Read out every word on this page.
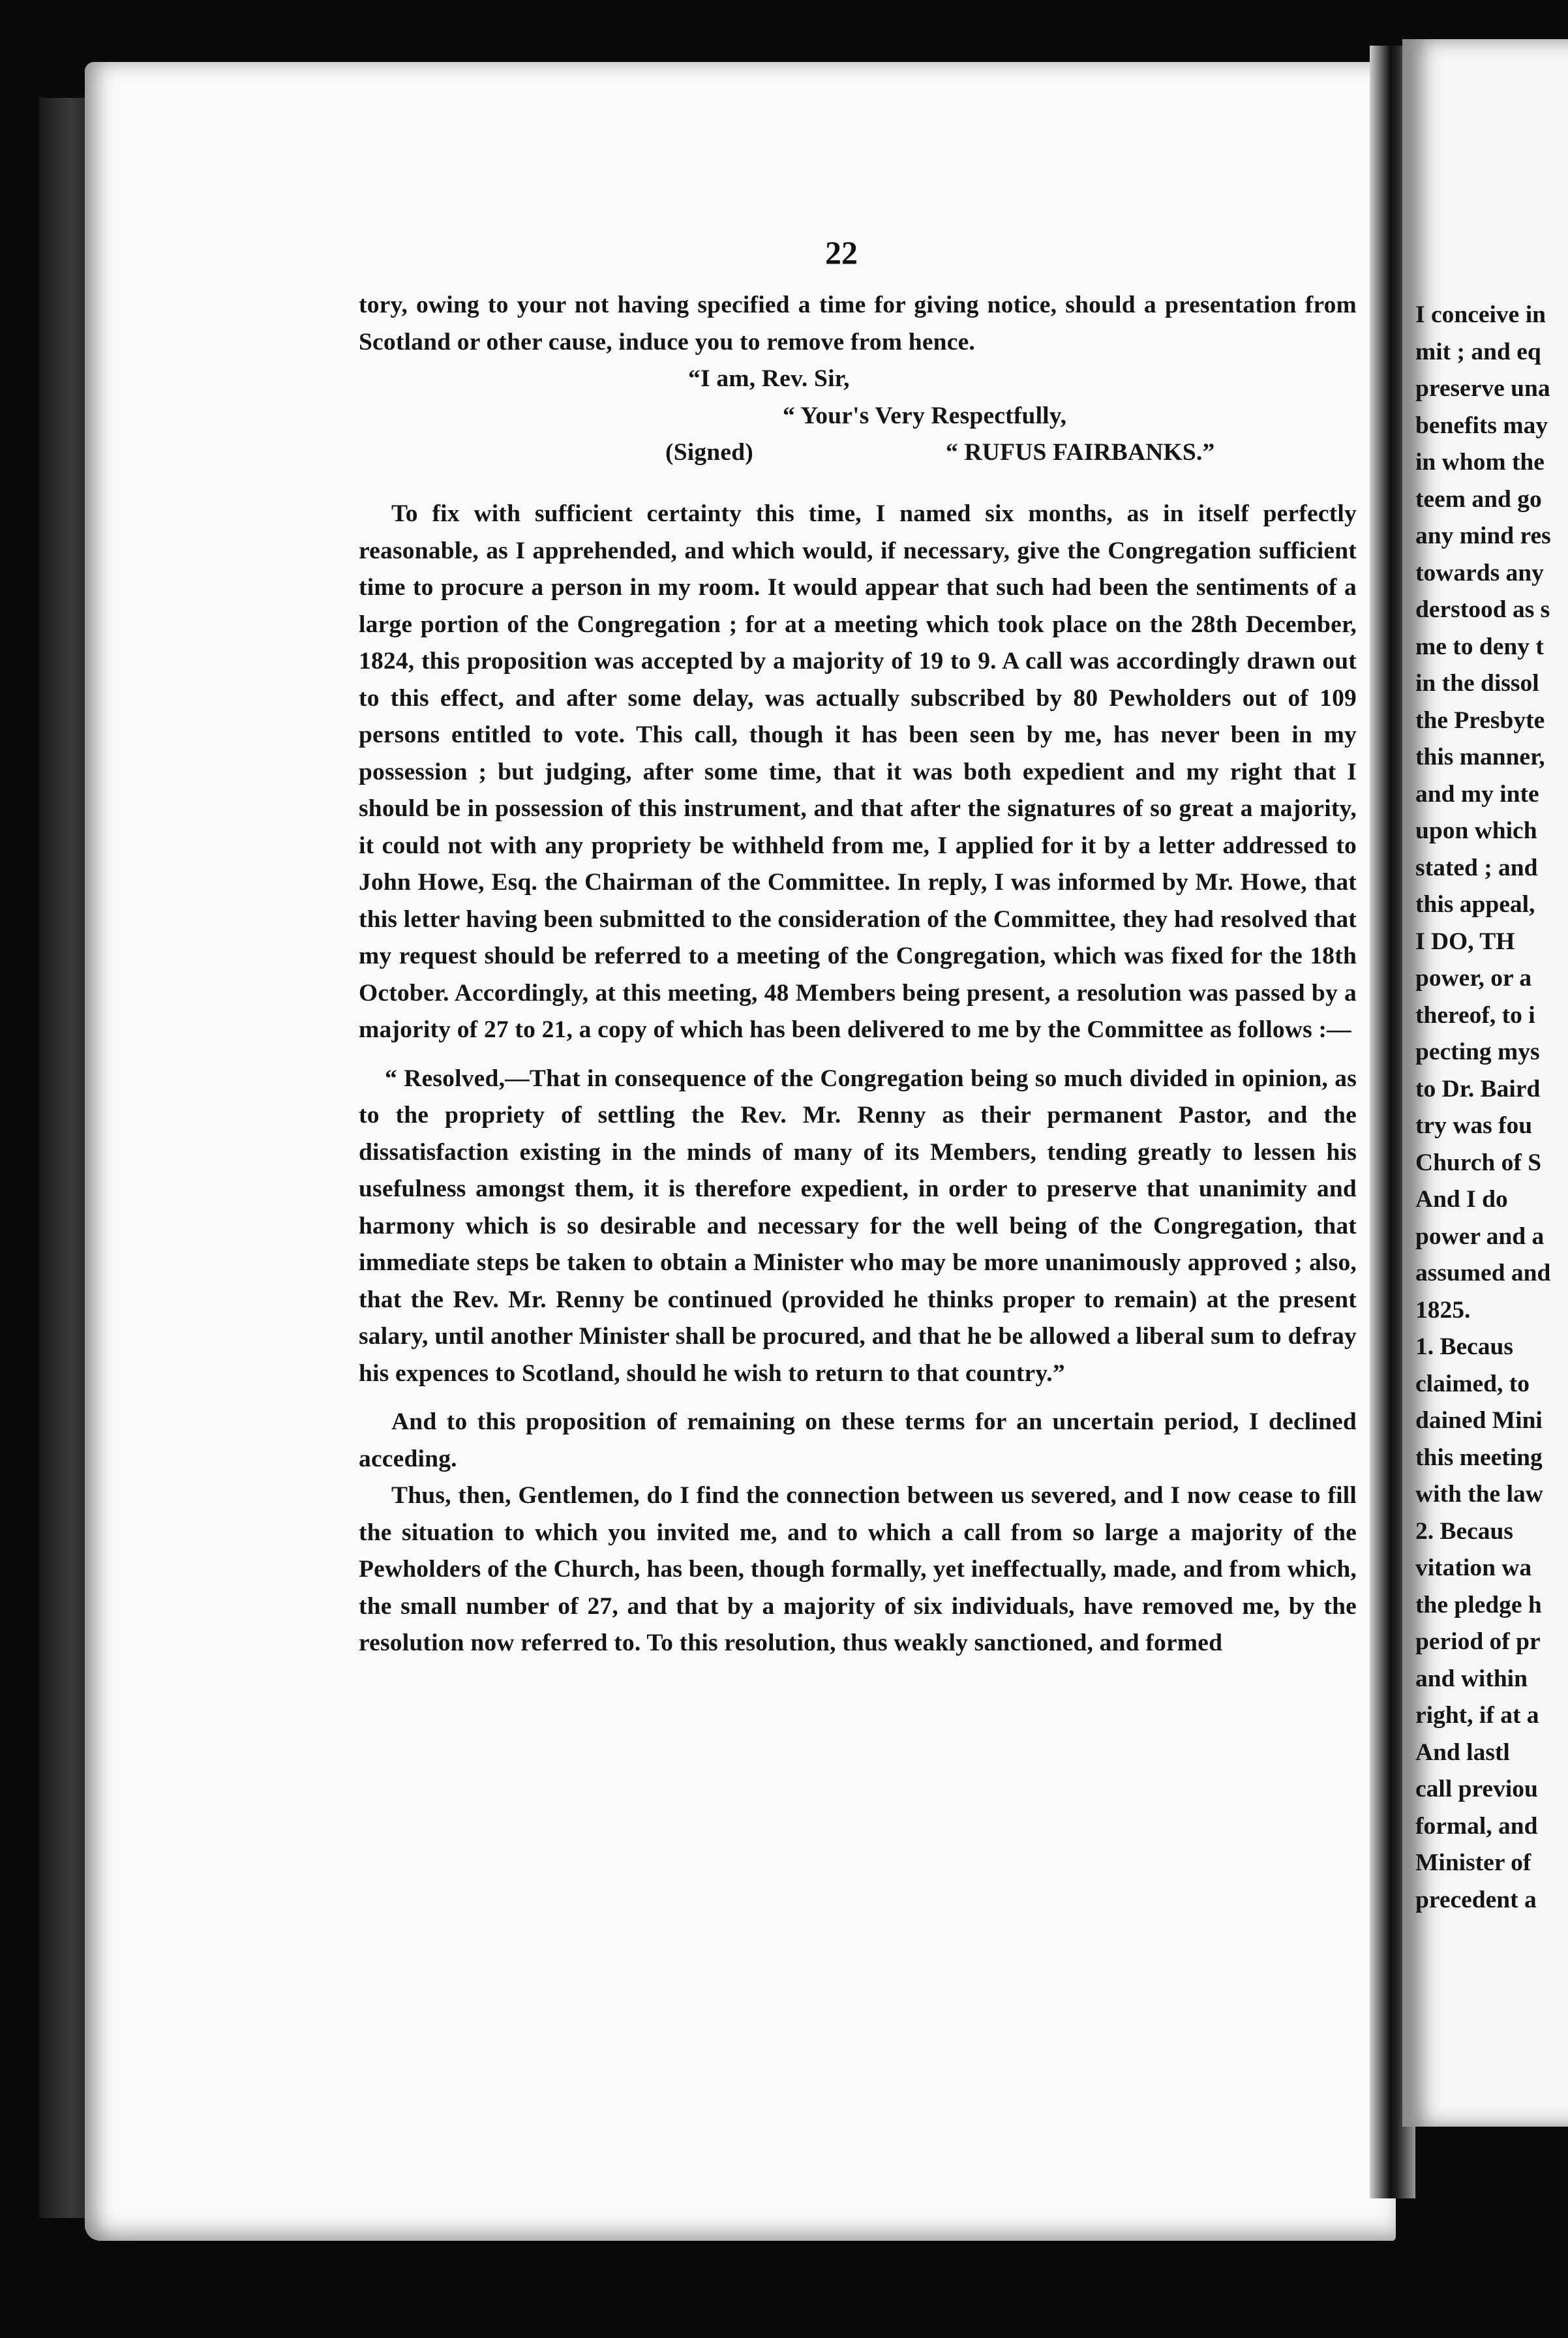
22

tory, owing to your not having specified a time for giving notice, should a presentation from Scotland or other cause, induce you to remove from hence.

“I am, Rev. Sir,

“ Your's Very Respectfully,

(Signed)	“ RUFUS FAIRBANKS.”

To fix with sufficient certainty this time, I named six months, as in itself perfectly reasonable, as I apprehended, and which would, if necessary, give the Congregation sufficient time to procure a person in my room. It would appear that such had been the sentiments of a large portion of the Congregation ; for at a meeting which took place on the 28th December, 1824, this proposition was accepted by a majority of 19 to 9. A call was accordingly drawn out to this effect, and after some delay, was actually subscribed by 80 Pewholders out of 109 persons entitled to vote. This call, though it has been seen by me, has never been in my possession ; but judging, after some time, that it was both expedient and my right that I should be in possession of this instrument, and that after the signatures of so great a majority, it could not with any propriety be withheld from me, I applied for it by a letter addressed to John Howe, Esq. the Chairman of the Committee. In reply, I was informed by Mr. Howe, that this letter having been submitted to the consideration of the Committee, they had resolved that my request should be referred to a meeting of the Congregation, which was fixed for the 18th October. Accordingly, at this meeting, 48 Members being present, a resolution was passed by a majority of 27 to 21, a copy of which has been delivered to me by the Committee as follows :—

“ Resolved,—That in consequence of the Congregation being so much divided in opinion, as to the propriety of settling the Rev. Mr. Renny as their permanent Pastor, and the dissatisfaction existing in the minds of many of its Members, tending greatly to lessen his usefulness amongst them, it is therefore expedient, in order to preserve that unanimity and harmony which is so desirable and necessary for the well being of the Congregation, that immediate steps be taken to obtain a Minister who may be more unanimously approved ; also, that the Rev. Mr. Renny be continued (provided he thinks proper to remain) at the present salary, until another Minister shall be procured, and that he be allowed a liberal sum to defray his expences to Scotland, should he wish to return to that country.”

And to this proposition of remaining on these terms for an uncertain period, I declined acceding.

Thus, then, Gentlemen, do I find the connection between us severed, and I now cease to fill the situation to which you invited me, and to which a call from so large a majority of the Pewholders of the Church, has been, though formally, yet ineffectually, made, and from which, the small number of 27, and that by a majority of six individuals, have removed me, by the resolution now referred to. To this resolution, thus weakly sanctioned, and formed

I conceive in
mit ; and eq
preserve una
benefits may
in whom the
teem and go
any mind res
towards any
derstood as s
me to deny t
in the dissol
the Presbyte
this manner,
and my inte
upon which
stated ; and
this appeal,
I DO, TH
power, or a
thereof, to i
pecting mys
to Dr. Baird
try was fou
Church of S
And I do
power and a
assumed and
1825.
1. Becaus
claimed, to
dained Mini
this meeting
with the law
2. Becaus
vitation wa
the pledge h
period of pr
and within
right, if at a
And lastl
call previou
formal, and
Minister of
precedent a
